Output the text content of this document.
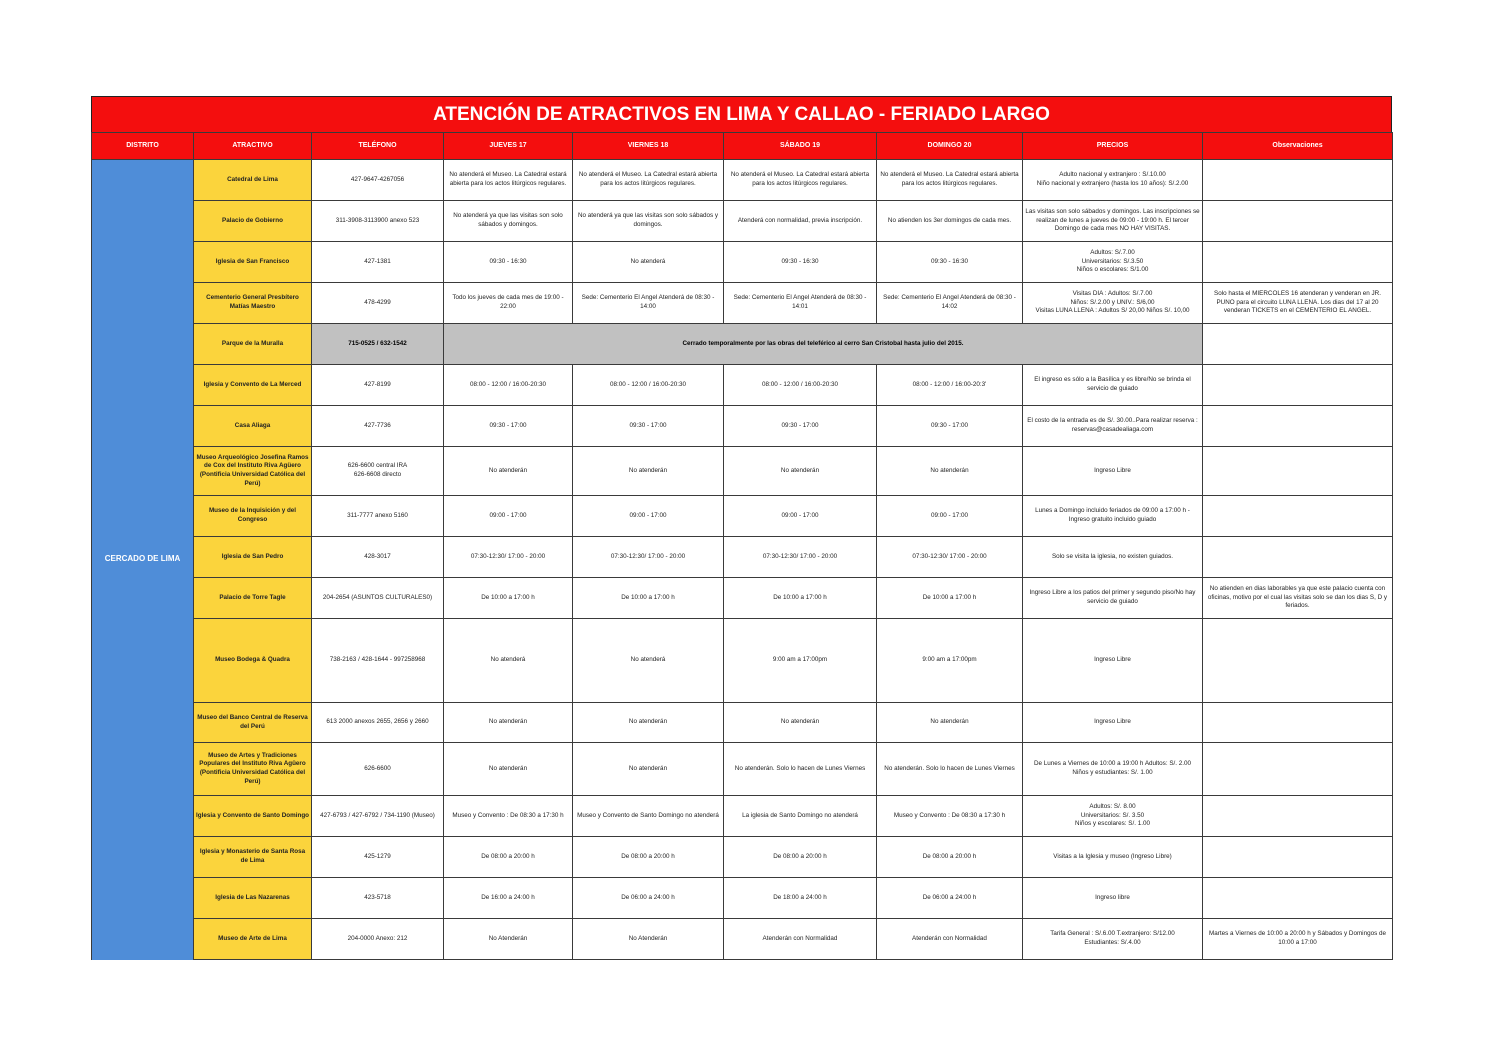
ATENCIÓN DE ATRACTIVOS EN LIMA Y CALLAO - FERIADO LARGO
DISTRITO	ATRACTIVO	TELÉFONO	JUEVES 17	VIERNES 18	SÁBADO 19	DOMINGO 20	PRECIOS	Observaciones
CERCADO DE LIMA	Catedral de Lima	427-9647-4267056	No atenderá el Museo. La Catedral estará abierta para los actos litúrgicos regulares.	No atenderá el Museo. La Catedral estará abierta para los actos litúrgicos regulares.	No atenderá el Museo. La Catedral estará abierta para los actos litúrgicos regulares.	No atenderá el Museo. La Catedral estará abierta para los actos litúrgicos regulares.	Adulto nacional y extranjero : S/.10.00
Niño nacional y extranjero (hasta los 10 años): S/.2.00	
	Palacio de Gobierno	311-3908-3113900 anexo 523	No atenderá ya que las visitas son solo sábados y domingos.	No atenderá ya que las visitas son solo sábados y domingos.	Atenderá con normalidad, previa inscripción.	No atienden los 3er domingos de cada mes.	Las visitas son solo sábados y domingos. Las inscripciones se realizan de lunes a jueves de 09:00 - 19:00 h. El tercer Domingo de cada mes NO HAY VISITAS.	
	Iglesia de San Francisco	427-1381	09:30 - 16:30	No atenderá	09:30 - 16:30	09:30 - 16:30	Adultos: S/.7.00
Universitarios: S/.3.50
Niños o escolares: S/1.00	
	Cementerio General Presbítero Matías Maestro	478-4299	Todo los jueves de cada mes de 19:00 - 22:00	Sede: Cementerio El Angel Atenderá de 08:30 - 14:00	Sede: Cementerio El Angel Atenderá de 08:30 - 14:01	Sede: Cementerio El Angel Atenderá de 08:30 - 14:02	Visitas DIA : Adultos: S/.7.00
Niños: S/.2.00 y UNIV.: S/6,00
Visitas LUNA LLENA : Adultos S/ 20,00 Niños S/. 10,00	Solo hasta el MIERCOLES 16 atenderan y venderan en JR. PUNO para el circuito LUNA LLENA. Los dias del 17 al 20 venderan TICKETS en el CEMENTERIO EL ANGEL.
	Parque de la Muralla	715-0525 / 632-1542	Cerrado temporalmente por las obras del teleférico al cerro San Cristobal hasta julio del 2015.					
	Iglesia y Convento de La Merced	427-8199	08:00 - 12:00 / 16:00-20:30	08:00 - 12:00 / 16:00-20:30	08:00 - 12:00 / 16:00-20:30	08:00 - 12:00 / 16:00-20:3'	El ingreso es sólo a la Basílica y es libre/No se brinda el servicio de guiado	
	Casa Aliaga	427-7736	09:30 - 17:00	09:30 - 17:00	09:30 - 17:00	09:30 - 17:00	El costo de la entrada es de S/. 30.00..Para realizar reserva : reservas@casadealiaga.com	
	Museo Arqueológico Josefina Ramos de Cox del Instituto Riva Agüero (Pontificia Universidad Católica del Perú)	626-6600 central IRA
626-6608 directo	No atenderán	No atenderán	No atenderán	No atenderán	Ingreso Libre	
	Museo de la Inquisición y del Congreso	311-7777 anexo 5160	09:00 - 17:00	09:00 - 17:00	09:00 - 17:00	09:00 - 17:00	Lunes a Domingo incluido feriados de 09:00 a 17:00 h - Ingreso gratuito incluido guiado	
	Iglesia de San Pedro	428-3017	07:30-12:30/ 17:00 - 20:00	07:30-12:30/ 17:00 - 20:00	07:30-12:30/ 17:00 - 20:00	07:30-12:30/ 17:00 - 20:00	Solo se visita la iglesia, no existen guiados.	
	Palacio de Torre Tagle	204-2654 (ASUNTOS CULTURALES0)	De 10:00 a 17:00 h	De 10:00 a 17:00 h	De 10:00 a 17:00 h	De 10:00 a 17:00 h	Ingreso Libre a los patios del primer y segundo piso/No hay servicio de guiado	No atienden en dias laborables ya que este palacio cuenta con oficinas, motivo por el cual las visitas solo se dan los dias S, D y feriados.
	Museo Bodega & Quadra	738-2163 / 428-1644 - 997258968	No atenderá	No atenderá	9:00 am a 17:00pm	9:00 am a 17:00pm	Ingreso Libre	
	Museo del Banco Central de Reserva del Perú	613 2000 anexos 2655, 2656 y 2660	No atenderán	No atenderán	No atenderán	No atenderán	Ingreso Libre	
	Museo de Artes y Tradiciones Populares del Instituto Riva Agüero (Pontificia Universidad Católica del Perú)	626-6600	No atenderán	No atenderán	No atenderán. Solo lo hacen de Lunes Viernes	No atenderán. Solo lo hacen de Lunes Viernes	De Lunes a Viernes de 10:00 a 19:00 h Adultos: S/. 2.00
Niños y estudiantes: S/. 1.00	
	Iglesia y Convento de Santo Domingo	427-6793 / 427-6792 / 734-1190 (Museo)	Museo y Convento : De 08:30 a 17:30 h	Museo y Convento de Santo Domingo no atenderá	La iglesia de Santo Domingo no atenderá	Museo y Convento : De 08:30 a 17:30 h	Adultos: S/. 8.00
Universitarios: S/. 3.50
Niños y escolares: S/. 1.00	
	Iglesia y Monasterio de Santa Rosa de Lima	425-1279	De 08:00 a 20:00 h	De 08:00 a 20:00 h	De 08:00 a 20:00 h	De 08:00 a 20:00 h	Visitas a la Iglesia y museo (Ingreso Libre)	
	Iglesia de Las Nazarenas	423-5718	De 16:00 a 24:00 h	De 06:00 a 24:00 h	De 18:00 a 24:00 h	De 06:00 a 24:00 h	Ingreso libre	
	Museo de Arte de Lima	204-0000 Anexo: 212	No Atenderán	No Atenderán	Atenderán con Normalidad	Atenderán con Normalidad	Tarifa General : S/.6.00 T.extranjero: S/12.00
Estudiantes: S/.4.00	Martes a Viernes de 10:00 a 20:00 h y Sábados y Domingos de 10:00 a 17:00
